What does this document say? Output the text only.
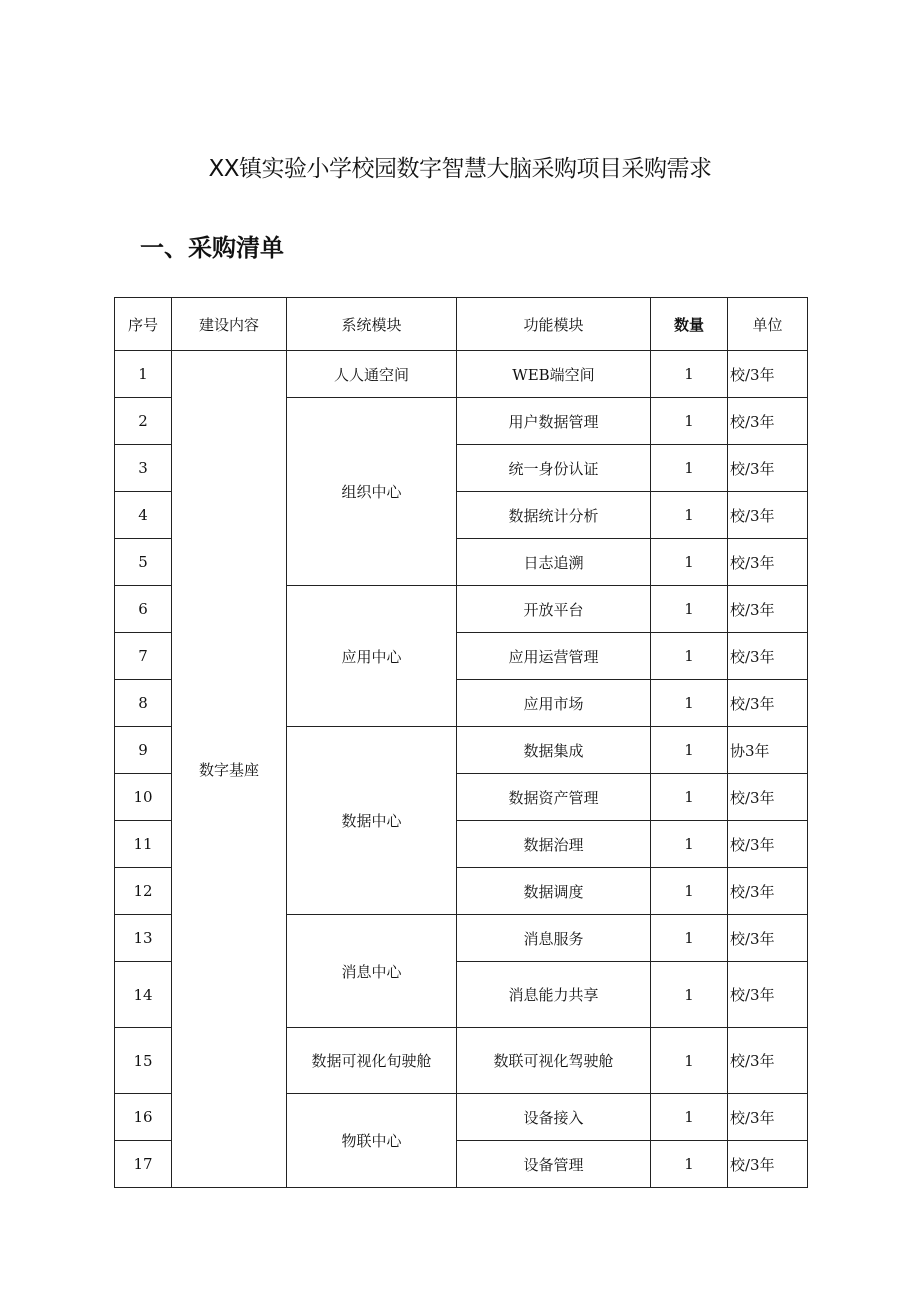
XX镇实验小学校园数字智慧大脑采购项目采购需求
一、采购清单
序号	建设内容	系统模块	功能模块	数量	单位
1	数字基座	人人通空间	WEB端空间	1	校/3年
2		组织中心	用户数据管理	1	校/3年
3			统一身份认证	1	校/3年
4			数据统计分析	1	校/3年
5			日志追溯	1	校/3年
6		应用中心	开放平台	1	校/3年
7			应用运营管理	1	校/3年
8			应用市场	1	校/3年
9		数据中心	数据集成	1	协3年
10			数据资产管理	1	校/3年
11			数据治理	1	校/3年
12			数据调度	1	校/3年
13		消息中心	消息服务	1	校/3年
14			消息能力共享	1	校/3年
15		数据可视化旬驶舱	数联可视化驾驶舱	1	校/3年
16		物联中心	设备接入	1	校/3年
17			设备管理	1	校/3年
